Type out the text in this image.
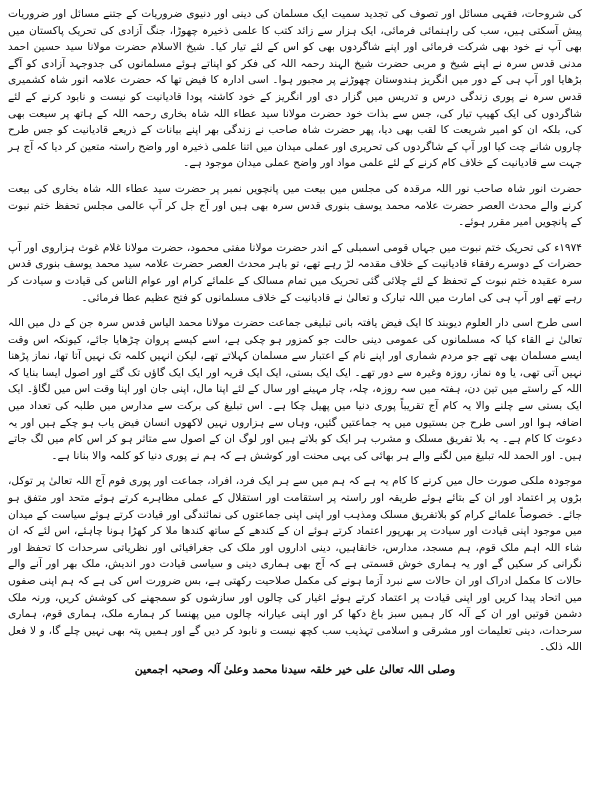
کی شروحات، فقہی مسائل اور تصوف کی تجدید سمیت ایک مسلمان کی دینی اور دنیوی ضروریات کے جتنے مسائل اور ضروریات پیش آسکتی ہیں، سب کی راہنمائی فرمائی، ایک ہزار سے زائد کتب کا علمی ذخیرہ چھوڑا، جنگ آزادی کی تحریک پاکستان میں بھی آپ نے خود بھی شرکت فرمائی اور اپنے شاگردوں بھی کو اس کے لئے تیار کیا۔ شیخ الاسلام حضرت مولانا سید حسین احمد مدنی قدس سرہ نے اپنے شیخ و مربی حضرت شیخ الہند رحمہ اللہ کی فکر کو اپناتے ہوئے مسلمانوں کی جدوجہد آزادی کو آگے بڑھایا اور آپ ہی کے دور میں انگریز ہندوستان چھوڑنے پر مجبور ہوا۔ اسی ادارہ کا فیض تھا کہ حضرت علامہ انور شاہ کشمیری قدس سرہ نے پوری زندگی درس و تدریس میں گزار دی اور انگریز کے خود کاشتہ پودا قادیانیت کو نیست و نابود کرنے کے لئے شاگردوں کی ایک کھیپ تیار کی، جس سے بذات خود حضرت مولانا سید عطاء اللہ شاہ بخاری رحمہ اللہ کے ہاتھ پر سیعت بھی کی، بلکہ ان کو امیر شریعت کا لقب بھی دیا، پھر حضرت شاہ صاحب نے زندگی بھر اپنے بیانات کے ذریعے قادیانیت کو جس طرح چاروں شانے چت کیا اور آپ کے شاگردوں کی تحریری اور عملی میدان میں اتنا علمی ذخیرہ اور واضح راستہ متعین کر دیا کہ آج ہر جہت سے قادیانیت کے خلاف کام کرنے کے لئے علمی مواد اور واضح عملی میدان موجود ہے۔

حضرت انور شاہ صاحب نور اللہ مرقدہ کی مجلس میں بیعت میں پانچویں نمبر پر حضرت سید عطاء اللہ شاہ بخاری کی بیعت کرنے والے محدث العصر حضرت علامہ محمد یوسف بنوری قدس سرہ بھی ہیں اور آج جل کر آپ عالمی مجلس تحفظ ختم نبوت کے پانچویں امیر مقرر ہوئے۔

۱۹۷۴ء کی تحریک ختم نبوت میں جہاں قومی اسمبلی کے اندر حضرت مولانا مفتی محمود، حضرت مولانا غلام غوث ہزاروی اور آپ حضرات کے دوسرے رفقاء قادیانیت کے خلاف مقدمہ لڑ رہے تھے، تو باہر محدث العصر حضرت علامہ سید محمد یوسف بنوری قدس سرہ عقیدہ ختم نبوت کے تحفظ کے لئے چلائی گئی تحریک میں تمام مسالک کے علمائے کرام اور عوام الناس کی قیادت و سیادت کر رہے تھے اور آپ ہی کی امارت میں اللہ تبارک و تعالیٰ نے قادیانیت کے خلاف مسلمانوں کو فتح عظیم عطا فرمائی۔

اسی طرح اسی دار العلوم دیوبند کا ایک فیض یافتہ بانی تبلیغی جماعت حضرت مولانا محمد الیاس قدس سرہ جن کے دل میں اللہ تعالیٰ نے القاء کیا کہ مسلمانوں کی عمومی دینی حالت جو کمزور ہو چکی ہے، اسے کیسے پروان چڑھایا جائے، کیونکہ اس وقت ایسے مسلمان بھی تھے جو مردم شماری اور اپنے نام کے اعتبار سے مسلمان کہلاتے تھے، لیکن انہیں کلمہ تک نہیں آتا تھا، نماز پڑھنا نہیں آتی تھی، یا وہ نماز، روزہ وغیرہ سے دور تھے۔ ایک ایک بستی، ایک ایک قریہ اور ایک ایک گاؤں تک گئے اور اصول ایسا بنایا کہ اللہ کے راستے میں تین دن، ہفتہ میں سہ روزہ، چلہ، چار مہینے اور سال کے لئے اپنا مال، اپنی جان اور اپنا وقت اس میں لگاؤ۔ ایک ایک بستی سے چلنے والا یہ کام آج تقریباً پوری دنیا میں پھیل چکا ہے۔ اس تبلیغ کی برکت سے مدارس میں طلبہ کی تعداد میں اضافہ ہوا اور اسی طرح جن بستیوں میں یہ جماعتیں گئیں، وہاں سے ہزاروں نہیں لاکھوں انسان فیض یاب ہو چکے ہیں اور یہ دعوت کا کام ہے۔ یہ بلا تفریق مسلک و مشرب ہر ایک کو بلاتے ہیں اور لوگ ان کے اصول سے متاثر ہو کر اس کام میں لگ جاتے ہیں۔ اور الحمد للہ تبلیغ میں لگنے والے ہر بھائی کی یہی محنت اور کوشش ہے کہ ہم نے پوری دنیا کو کلمہ والا بنانا ہے۔

موجودہ ملکی صورت حال میں کرنے کا کام یہ ہے کہ ہم میں سے ہر ایک فرد، افراد، جماعت اور پوری قوم آج اللہ تعالیٰ پر توکل، بڑوں پر اعتماد اور ان کے بتائے ہوئے طریقہ اور راستہ پر استقامت اور استقلال کے عملی مظاہرے کرتے ہوئے متحد اور متفق ہو جائے۔ خصوصاً علمائے کرام کو بلاتفریق مسلک ومذہب اور اپنی اپنی جماعتوں کی نمائندگی اور قیادت کرتے ہوئے سیاست کے میدان میں موجود اپنی قیادت اور سیادت پر بھرپور اعتماد کرتے ہوئے ان کے کندھے کے ساتھ کندھا ملا کر کھڑا ہونا چاہئے، اس لئے کہ ان شاء اللہ اہم ملک قوم، ہم مسجد، مدارس، خانقاہیں، دینی اداروں اور ملک کی جغرافیائی اور نظریاتی سرحدات کا تحفظ اور نگرانی کر سکیں گے اور یہ ہماری خوش قسمتی ہے کہ آج بھی ہماری دینی و سیاسی قیادت دور اندیش، ملک بھر اور آنے والے حالات کا مکمل ادراک اور ان حالات سے نبرد آزما ہونے کی مکمل صلاحیت رکھتی ہے، بس ضرورت اس کی ہے کہ ہم اپنی صفوں میں اتحاد پیدا کریں اور اپنی قیادت پر اعتماد کرتے ہوئے اغیار کی چالوں اور سازشوں کو سمجھنے کی کوشش کریں، ورنہ ملک دشمن قوتیں اور ان کے آلہ کار ہمیں سبز باغ دکھا کر اور اپنی عیارانہ چالوں میں پھنسا کر ہمارے ملک، ہماری قوم، ہماری سرحدات، دینی تعلیمات اور مشرقی و اسلامی تہذیب سب کچھ نیست و نابود کر دیں گے اور ہمیں پتہ بھی نہیں چلے گا، و لا فعل اللہ ذلک۔

وصلی اللہ تعالیٰ علی خیر خلقہ سیدنا محمد وعلیٰ آلہ وصحبہ اجمعین
